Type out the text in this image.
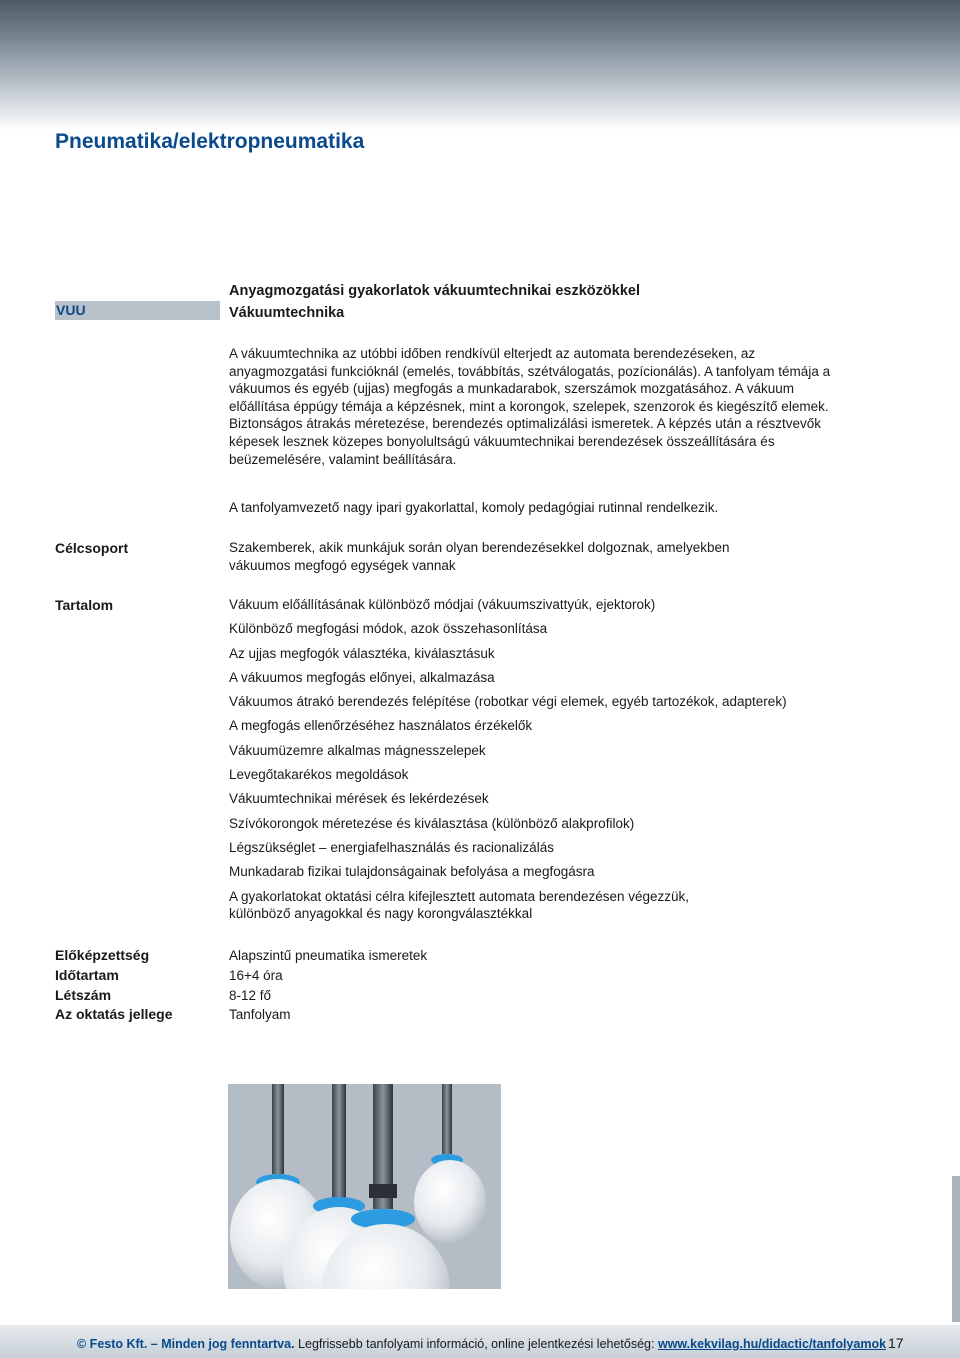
Pneumatika/elektropneumatika
VUU
Anyagmozgatási gyakorlatok vákuumtechnikai eszközökkel
Vákuumtechnika

A vákuumtechnika az utóbbi időben rendkívül elterjedt az automata berendezéseken, az anyagmozgatási funkcióknál (emelés, továbbítás, szétválogatás, pozícionálás). A tanfolyam témája a vákuumos és egyéb (ujjas) megfogás a munkadarabok, szerszámok mozgatásához. A vákuum előállítása éppúgy témája a képzésnek, mint a korongok, szelepek, szenzorok és kiegészítő elemek. Biztonságos átrakás méretezése, berendezés optimalizálási ismeretek. A képzés után a résztvevők képesek lesznek közepes bonyolultságú vákuumtechnikai berendezések összeállítására és beüzemelésére, valamint beállítására.

A tanfolyamvezető nagy ipari gyakorlattal, komoly pedagógiai rutinnal rendelkezik.
Célcsoport	Szakemberek, akik munkájuk során olyan berendezésekkel dolgoznak, amelyekben vákuumos megfogó egységek vannak
Tartalom	Vákuum előállításának különböző módjai (vákuumszivattyúk, ejektorok)
Különböző megfogási módok, azok összehasonlítása
Az ujjas megfogók választéka, kiválasztásuk
A vákuumos megfogás előnyei, alkalmazása
Vákuumos átrakó berendezés felépítése (robotkar végi elemek, egyéb tartozékok, adapterek)
A megfogás ellenőrzéséhez használatos érzékelők
Vákuumüzemre alkalmas mágnesszelepek
Levegőtakarékos megoldások
Vákuumtechnikai mérések és lekérdezések
Szívókorongok méretezése és kiválasztása (különböző alakprofilok)
Légszükséglet – energiafelhasználás és racionalizálás
Munkadarab fizikai tulajdonságainak befolyása a megfogásra
A gyakorlatokat oktatási célra kifejlesztett automata berendezésen végezzük, különböző anyagokkal és nagy korongválasztékkal
Előképzettség
Időtartam
Létszám
Az oktatás jellege
Alapszintű pneumatika ismeretek
16+4 óra
8-12 fő
Tanfolyam
© Festo Kft. – Minden jog fenntartva. Legfrissebb tanfolyami információ, online jelentkezési lehetőség: www.kekvilag.hu/didactic/tanfolyamok 17
